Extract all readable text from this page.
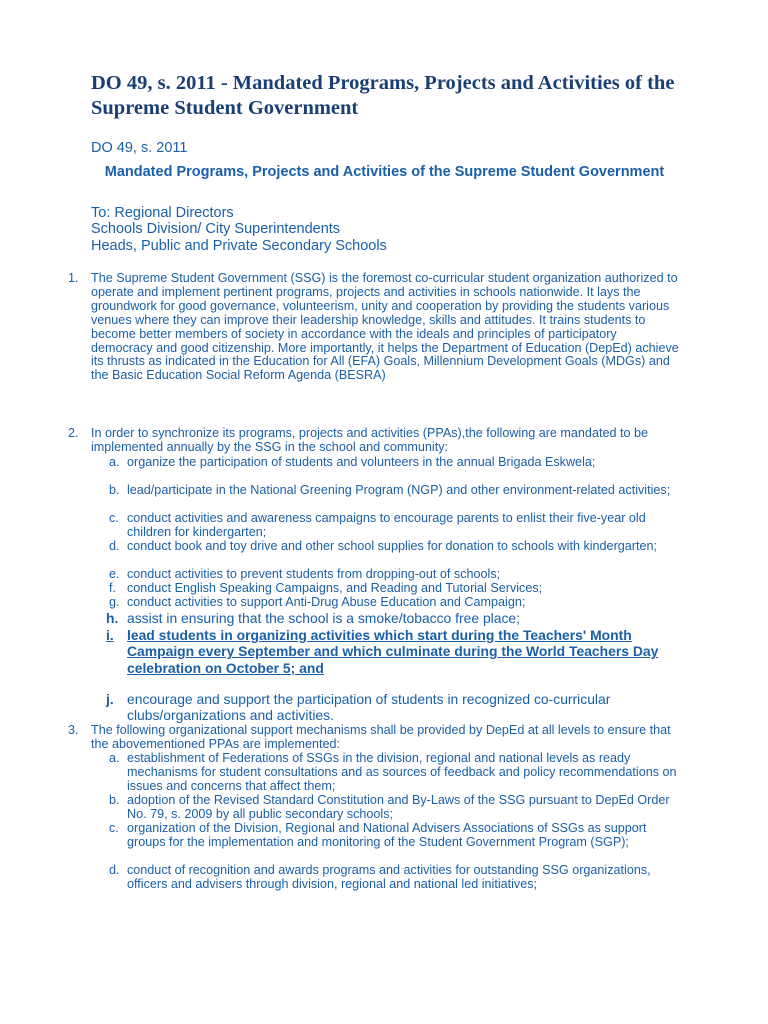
DO 49, s. 2011 - Mandated Programs, Projects and Activities of the Supreme Student Government
DO 49, s. 2011
Mandated Programs, Projects and Activities of the Supreme Student Government
To: Regional Directors
Schools Division/ City Superintendents
Heads, Public and Private Secondary Schools
1. The Supreme Student Government (SSG) is the foremost co-curricular student organization authorized to operate and implement pertinent programs, projects and activities in schools nationwide. It lays the groundwork for good governance, volunteerism, unity and cooperation by providing the students various venues where they can improve their leadership knowledge, skills and attitudes. It trains students to become better members of society in accordance with the ideals and principles of participatory democracy and good citizenship. More importantly, it helps the Department of Education (DepEd) achieve its thrusts as indicated in the Education for All (EFA) Goals, Millennium Development Goals (MDGs) and the Basic Education Social Reform Agenda (BESRA)
2. In order to synchronize its programs, projects and activities (PPAs),the following are mandated to be implemented annually by the SSG in the school and community:
a. organize the participation of students and volunteers in the annual Brigada Eskwela;
b. lead/participate in the National Greening Program (NGP) and other environment-related activities;
c. conduct activities and awareness campaigns to encourage parents to enlist their five-year old children for kindergarten;
d. conduct book and toy drive and other school supplies for donation to schools with kindergarten;
e. conduct activities to prevent students from dropping-out of schools;
f. conduct English Speaking Campaigns, and Reading and Tutorial Services;
g. conduct activities to support Anti-Drug Abuse Education and Campaign;
h. assist in ensuring that the school is a smoke/tobacco free place;
i. lead students in organizing activities which start during the Teachers' Month Campaign every September and which culminate during the World Teachers Day celebration on October 5; and
j. encourage and support the participation of students in recognized co-curricular clubs/organizations and activities.
3. The following organizational support mechanisms shall be provided by DepEd at all levels to ensure that the abovementioned PPAs are implemented:
a. establishment of Federations of SSGs in the division, regional and national levels as ready mechanisms for student consultations and as sources of feedback and policy recommendations on issues and concerns that affect them;
b. adoption of the Revised Standard Constitution and By-Laws of the SSG pursuant to DepEd Order No. 79, s. 2009 by all public secondary schools;
c. organization of the Division, Regional and National Advisers Associations of SSGs as support groups for the implementation and monitoring of the Student Government Program (SGP);
d. conduct of recognition and awards programs and activities for outstanding SSG organizations, officers and advisers through division, regional and national led initiatives;
